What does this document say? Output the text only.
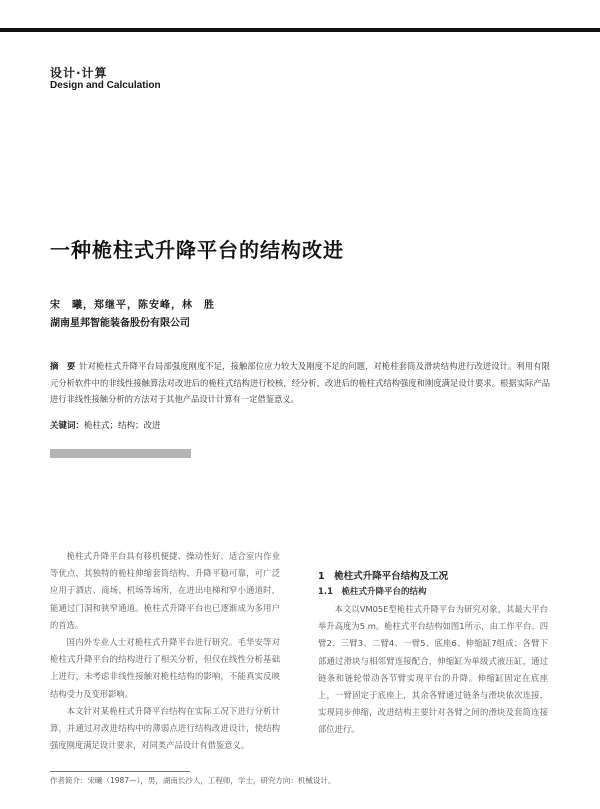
设计·计算
Design and Calculation
一种桅柱式升降平台的结构改进
宋　曦，郑继平，陈安峰，林　胜
湖南星邦智能装备股份有限公司
摘　要 针对桅柱式升降平台局部强度刚度不足，接触部位应力较大及刚度不足的问题，对桅柱套筒及滑块结构进行改进设计。利用有限元分析软件中的非线性接触算法对改进后的桅柱式结构进行校核，经分析，改进后的桅柱式结构强度和刚度满足设计要求。根据实际产品进行非线性接触分析的方法对于其他产品设计计算有一定借鉴意义。
关键词：桅柱式；结构；改进

桅柱式升降平台具有移机便捷、操动性好、适合室内作业等优点，其独特的桅柱伸缩套筒结构、升降平稳可靠，可广泛应用于酒店、商场、机场等场所，在进出电梯和窄小通道时，能通过门洞和狭窄通道。桅柱式升降平台也已逐渐成为多用户的首选。

国内外专业人士对桅柱式升降平台进行研究。毛华安等对桅柱式升降平台的结构进行了相关分析，但仅在线性分析基础上进行，未考虑非线性接触对桅柱结构的影响，不能真实反映结构受力及变形影响。

本文针对某桅柱式升降平台结构在实际工况下进行分析计算，并通过对改进结构中的薄弱点进行结构改进设计，使结构强度刚度满足设计要求，对同类产品设计有借鉴意义。

1　桅柱式升降平台结构及工况
1.1　桅柱式升降平台的结构

本文以VM05E型桅柱式升降平台为研究对象，其最大平台举升高度为5 m。桅柱式平台结构如图1所示，由工作平台、四臂2、三臂3、二臂4、一臂5、底座6、伸缩缸7组成；各臂下部通过滑块与相邻臂连接配合，伸缩缸为单级式液压缸，通过链条和链轮带动各节臂实现平台的升降。伸缩缸固定在底座上，一臂固定于底座上，其余各臂通过链条与滑块依次连接，实现同步伸缩，改进结构主要针对各臂之间的滑块及套筒连接部位进行。

作者简介：宋曦（1987—），男，湖南长沙人，工程师，学士，研究方向：机械设计。
